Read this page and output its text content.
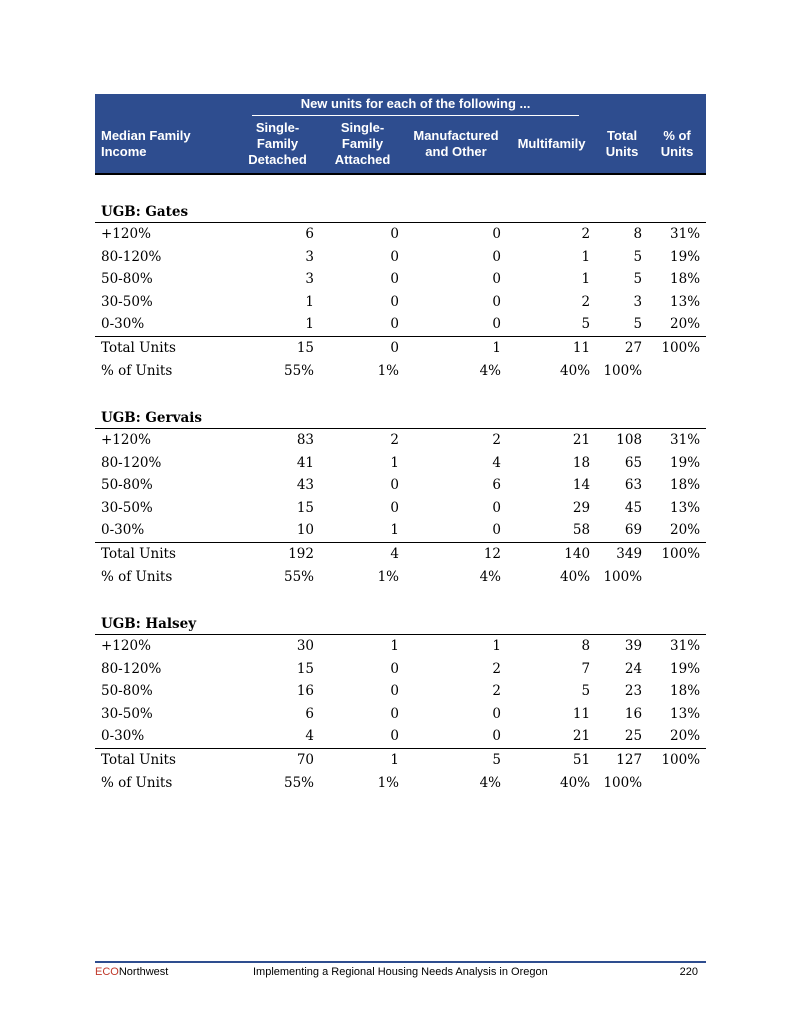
	New units for each of the following ...					
Median Family Income	Single-Family Detached	Single-Family Attached	Manufactured and Other	Multifamily	Total Units	% of Units

UGB: Gates						
+120%	6	0	0	2	8	31%
80-120%	3	0	0	1	5	19%
50-80%	3	0	0	1	5	18%
30-50%	1	0	0	2	3	13%
0-30%	1	0	0	5	5	20%
Total Units	15	0	1	11	27	100%
% of Units	55%	1%	4%	40%	100%	

UGB: Gervais						
+120%	83	2	2	21	108	31%
80-120%	41	1	4	18	65	19%
50-80%	43	0	6	14	63	18%
30-50%	15	0	0	29	45	13%
0-30%	10	1	0	58	69	20%
Total Units	192	4	12	140	349	100%
% of Units	55%	1%	4%	40%	100%	

UGB: Halsey						
+120%	30	1	1	8	39	31%
80-120%	15	0	2	7	24	19%
50-80%	16	0	2	5	23	18%
30-50%	6	0	0	11	16	13%
0-30%	4	0	0	21	25	20%
Total Units	70	1	5	51	127	100%
% of Units	55%	1%	4%	40%	100%	
ECONorthwest	Implementing a Regional Housing Needs Analysis in Oregon	220
